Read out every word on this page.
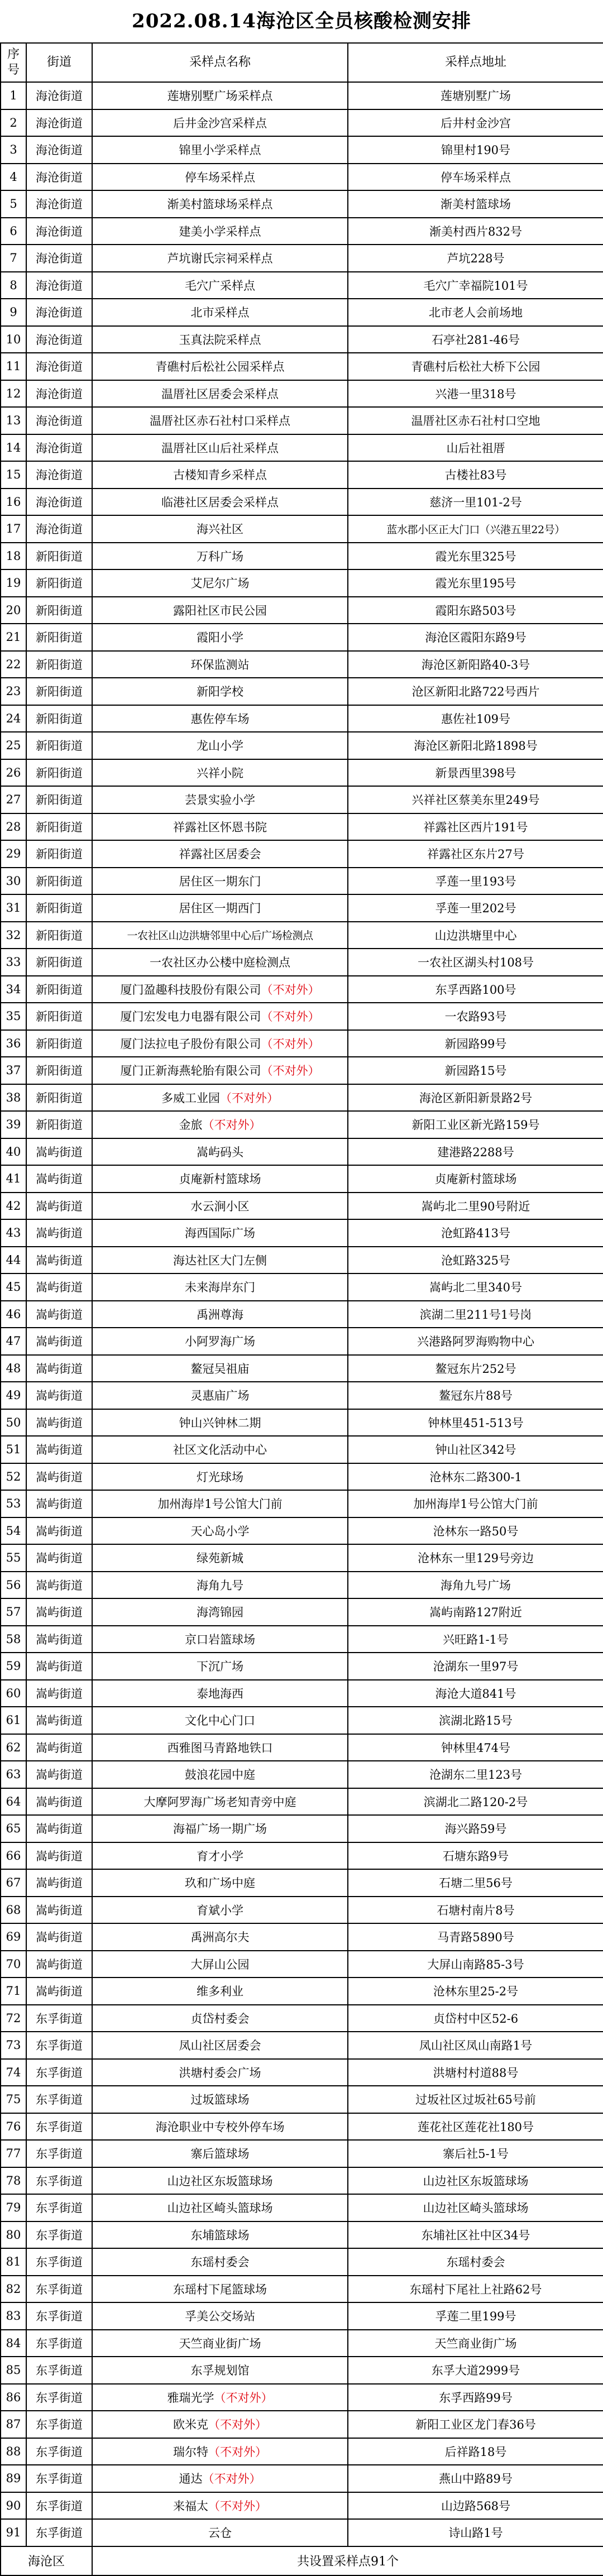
2022.08.14海沧区全员核酸检测安排
序号	街道	采样点名称	采样点地址
1	海沧街道	莲塘别墅广场采样点	莲塘别墅广场
2	海沧街道	后井金沙宫采样点	后井村金沙宫
3	海沧街道	锦里小学采样点	锦里村190号
4	海沧街道	停车场采样点	停车场采样点
5	海沧街道	渐美村篮球场采样点	渐美村篮球场
6	海沧街道	建美小学采样点	渐美村西片832号
7	海沧街道	芦坑谢氏宗祠采样点	芦坑228号
8	海沧街道	毛穴广采样点	毛穴广幸福院101号
9	海沧街道	北市采样点	北市老人会前场地
10	海沧街道	玉真法院采样点	石亭社281-46号
11	海沧街道	青礁村后松社公园采样点	青礁村后松社大桥下公园
12	海沧街道	温厝社区居委会采样点	兴港一里318号
13	海沧街道	温厝社区赤石社村口采样点	温厝社区赤石社村口空地
14	海沧街道	温厝社区山后社采样点	山后社祖厝
15	海沧街道	古楼知青乡采样点	古楼社83号
16	海沧街道	临港社区居委会采样点	慈济一里101-2号
17	海沧街道	海兴社区	蓝水郡小区正大门口（兴港五里22号）
18	新阳街道	万科广场	霞光东里325号
19	新阳街道	艾尼尔广场	霞光东里195号
20	新阳街道	露阳社区市民公园	霞阳东路503号
21	新阳街道	霞阳小学	海沧区霞阳东路9号
22	新阳街道	环保监测站	海沧区新阳路40-3号
23	新阳街道	新阳学校	沧区新阳北路722号西片
24	新阳街道	惠佐停车场	惠佐社109号
25	新阳街道	龙山小学	海沧区新阳北路1898号
26	新阳街道	兴祥小院	新景西里398号
27	新阳街道	芸景实验小学	兴祥社区蔡美东里249号
28	新阳街道	祥露社区怀恩书院	祥露社区西片191号
29	新阳街道	祥露社区居委会	祥露社区东片27号
30	新阳街道	居住区一期东门	孚莲一里193号
31	新阳街道	居住区一期西门	孚莲一里202号
32	新阳街道	一农社区山边洪塘邻里中心后广场检测点	山边洪塘里中心
33	新阳街道	一农社区办公楼中庭检测点	一农社区湖头村108号
34	新阳街道	厦门盈趣科技股份有限公司（不对外）	东孚西路100号
35	新阳街道	厦门宏发电力电器有限公司（不对外）	一农路93号
36	新阳街道	厦门法拉电子股份有限公司（不对外）	新园路99号
37	新阳街道	厦门正新海燕轮胎有限公司（不对外）	新园路15号
38	新阳街道	多威工业园（不对外）	海沧区新阳新景路2号
39	新阳街道	金旅（不对外）	新阳工业区新光路159号
40	嵩屿街道	嵩屿码头	建港路2288号
41	嵩屿街道	贞庵新村篮球场	贞庵新村篮球场
42	嵩屿街道	水云涧小区	嵩屿北二里90号附近
43	嵩屿街道	海西国际广场	沧虹路413号
44	嵩屿街道	海达社区大门左侧	沧虹路325号
45	嵩屿街道	未来海岸东门	嵩屿北二里340号
46	嵩屿街道	禹洲尊海	滨湖二里211号1号岗
47	嵩屿街道	小阿罗海广场	兴港路阿罗海购物中心
48	嵩屿街道	鳌冠吴祖庙	鳌冠东片252号
49	嵩屿街道	灵惠庙广场	鳌冠东片88号
50	嵩屿街道	钟山兴钟林二期	钟林里451-513号
51	嵩屿街道	社区文化活动中心	钟山社区342号
52	嵩屿街道	灯光球场	沧林东二路300-1
53	嵩屿街道	加州海岸1号公馆大门前	加州海岸1号公馆大门前
54	嵩屿街道	天心岛小学	沧林东一路50号
55	嵩屿街道	绿苑新城	沧林东一里129号旁边
56	嵩屿街道	海角九号	海角九号广场
57	嵩屿街道	海湾锦园	嵩屿南路127附近
58	嵩屿街道	京口岩篮球场	兴旺路1-1号
59	嵩屿街道	下沉广场	沧湖东一里97号
60	嵩屿街道	泰地海西	海沧大道841号
61	嵩屿街道	文化中心门口	滨湖北路15号
62	嵩屿街道	西雅图马青路地铁口	钟林里474号
63	嵩屿街道	鼓浪花园中庭	沧湖东二里123号
64	嵩屿街道	大摩阿罗海广场老知青旁中庭	滨湖北二路120-2号
65	嵩屿街道	海福广场一期广场	海兴路59号
66	嵩屿街道	育才小学	石塘东路9号
67	嵩屿街道	玖和广场中庭	石塘二里56号
68	嵩屿街道	育斌小学	石塘村南片8号
69	嵩屿街道	禹洲高尔夫	马青路5890号
70	嵩屿街道	大屏山公园	大屏山南路85-3号
71	嵩屿街道	维多利业	沧林东里25-2号
72	东孚街道	贞岱村委会	贞岱村中区52-6
73	东孚街道	凤山社区居委会	凤山社区凤山南路1号
74	东孚街道	洪塘村委会广场	洪塘村村道88号
75	东孚街道	过坂篮球场	过坂社区过坂社65号前
76	东孚街道	海沧职业中专校外停车场	莲花社区莲花社180号
77	东孚街道	寨后篮球场	寨后社5-1号
78	东孚街道	山边社区东坂篮球场	山边社区东坂篮球场
79	东孚街道	山边社区崎头篮球场	山边社区崎头篮球场
80	东孚街道	东埔篮球场	东埔社区社中区34号
81	东孚街道	东瑶村委会	东瑶村委会
82	东孚街道	东瑶村下尾篮球场	东瑶村下尾社上社路62号
83	东孚街道	孚美公交场站	孚莲二里199号
84	东孚街道	天竺商业街广场	天竺商业街广场
85	东孚街道	东孚规划馆	东孚大道2999号
86	东孚街道	雅瑞光学（不对外）	东孚西路99号
87	东孚街道	欧米克（不对外）	新阳工业区龙门春36号
88	东孚街道	瑞尔特（不对外）	后祥路18号
89	东孚街道	通达（不对外）	燕山中路89号
90	东孚街道	来福太（不对外）	山边路568号
91	东孚街道	云仓	诗山路1号
海沧区		共设置采样点91个	
